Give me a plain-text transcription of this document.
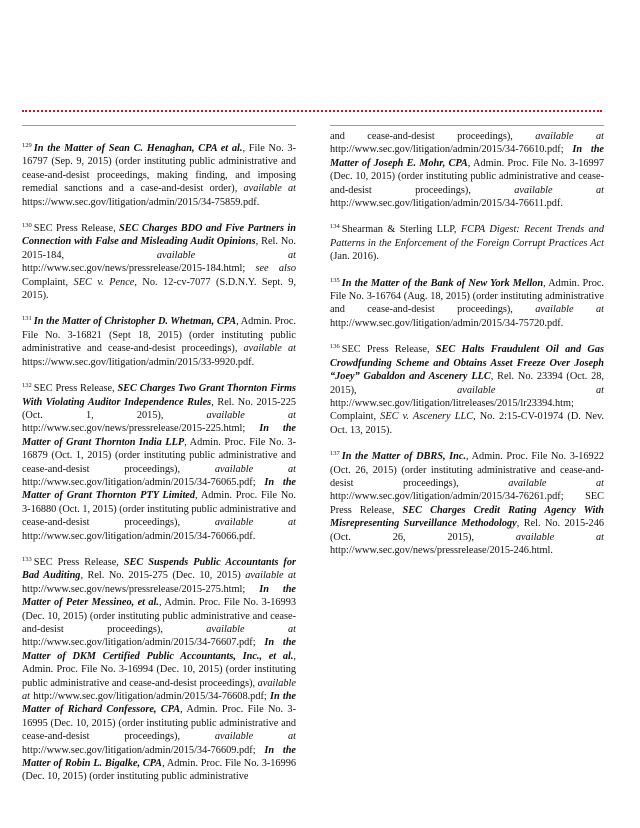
$^{129}$ In the Matter of Sean C. Henaghan, CPA et al., File No. 3-16797 (Sep. 9, 2015) (order instituting public administrative and cease-and-desist proceedings, making finding, and imposing remedial sanctions and a case-and-desist order), available at https://www.sec.gov/litigation/admin/2015/34-75859.pdf.

$^{130}$ SEC Press Release, SEC Charges BDO and Five Partners in Connection with False and Misleading Audit Opinions, Rel. No. 2015-184, available at http://www.sec.gov/news/pressrelease/2015-184.html; see also Complaint, SEC v. Pence, No. 12-cv-7077 (S.D.N.Y. Sept. 9, 2015).

$^{131}$ In the Matter of Christopher D. Whetman, CPA, Admin. Proc. File No. 3-16821 (Sept 18, 2015) (order instituting public administrative and cease-and-desist proceedings), available at https://www.sec.gov/litigation/admin/2015/33-9920.pdf.

$^{132}$ SEC Press Release, SEC Charges Two Grant Thornton Firms With Violating Auditor Independence Rules, Rel. No. 2015-225 (Oct. 1, 2015), available at http://www.sec.gov/news/pressrelease/2015-225.html; In the Matter of Grant Thornton India LLP, Admin. Proc. File No. 3-16879 (Oct. 1, 2015) (order instituting public administrative and cease-and-desist proceedings), available at http://www.sec.gov/litigation/admin/2015/34-76065.pdf; In the Matter of Grant Thornton PTY Limited, Admin. Proc. File No. 3-16880 (Oct. 1, 2015) (order instituting public administrative and cease-and-desist proceedings), available at http://www.sec.gov/litigation/admin/2015/34-76066.pdf.

$^{133}$ SEC Press Release, SEC Suspends Public Accountants for Bad Auditing, Rel. No. 2015-275 (Dec. 10, 2015) available at http://www.sec.gov/news/pressrelease/2015-275.html; In the Matter of Peter Messineo, et al., Admin. Proc. File No. 3-16993 (Dec. 10, 2015) (order instituting public administrative and cease-and-desist proceedings), available at http://www.sec.gov/litigation/admin/2015/34-76607.pdf; In the Matter of DKM Certified Public Accountants, Inc., et al., Admin. Proc. File No. 3-16994 (Dec. 10, 2015) (order instituting public administrative and cease-and-desist proceedings), available at http://www.sec.gov/litigation/admin/2015/34-76608.pdf; In the Matter of Richard Confessore, CPA, Admin. Proc. File No. 3-16995 (Dec. 10, 2015) (order instituting public administrative and cease-and-desist proceedings), available at http://www.sec.gov/litigation/admin/2015/34-76609.pdf; In the Matter of Robin L. Bigalke, CPA, Admin. Proc. File No. 3-16996 (Dec. 10, 2015) (order instituting public administrative

and cease-and-desist proceedings), available at http://www.sec.gov/litigation/admin/2015/34-76610.pdf; In the Matter of Joseph E. Mohr, CPA, Admin. Proc. File No. 3-16997 (Dec. 10, 2015) (order instituting public administrative and cease-and-desist proceedings), available at http://www.sec.gov/litigation/admin/2015/34-76611.pdf.

$^{134}$ Shearman & Sterling LLP, FCPA Digest: Recent Trends and Patterns in the Enforcement of the Foreign Corrupt Practices Act (Jan. 2016).

$^{135}$ In the Matter of the Bank of New York Mellon, Admin. Proc. File No. 3-16764 (Aug. 18, 2015) (order instituting administrative and cease-and-desist proceedings), available at http://www.sec.gov/litigation/admin/2015/34-75720.pdf.

$^{136}$ SEC Press Release, SEC Halts Fraudulent Oil and Gas Crowdfunding Scheme and Obtains Asset Freeze Over Joseph “Joey” Gabaldon and Ascenery LLC, Rel. No. 23394 (Oct. 28, 2015), available at http://www.sec.gov/litigation/litreleases/2015/lr23394.htm; Complaint, SEC v. Ascenery LLC, No. 2:15-CV-01974 (D. Nev. Oct. 13, 2015).

$^{137}$ In the Matter of DBRS, Inc., Admin. Proc. File No. 3-16922 (Oct. 26, 2015) (order instituting administrative and cease-and-desist proceedings), available at http://www.sec.gov/litigation/admin/2015/34-76261.pdf; SEC Press Release, SEC Charges Credit Rating Agency With Misrepresenting Surveillance Methodology, Rel. No. 2015-246 (Oct. 26, 2015), available at http://www.sec.gov/news/pressrelease/2015-246.html.
